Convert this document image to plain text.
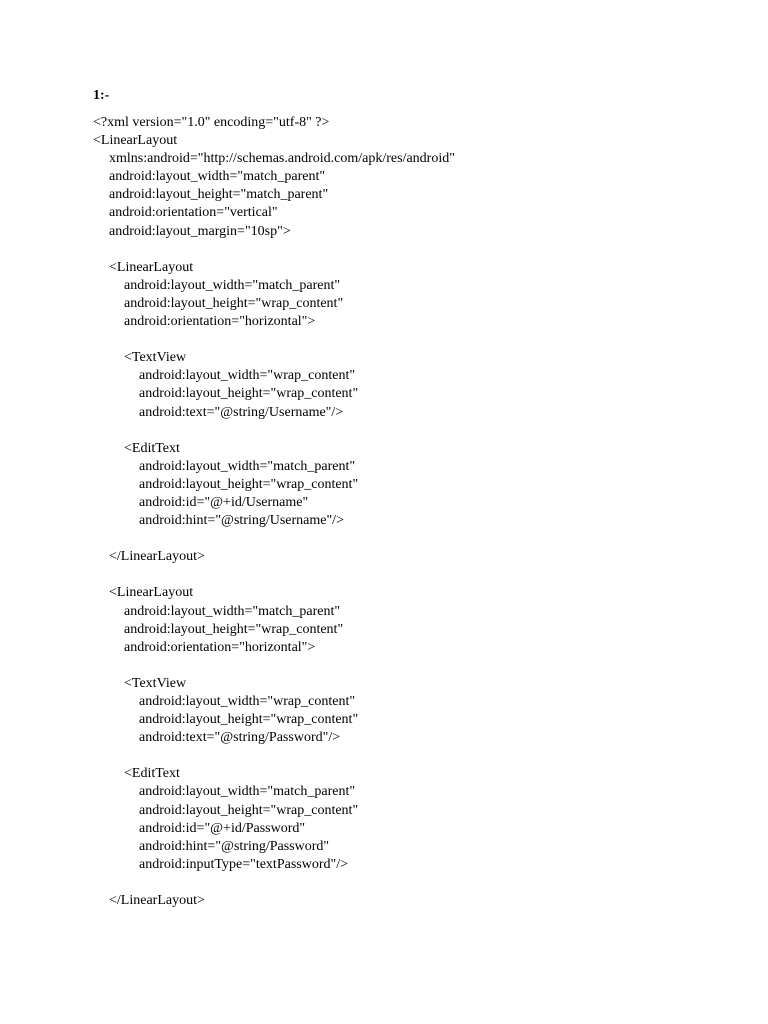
1:-
<?xml version="1.0" encoding="utf-8" ?>
<LinearLayout
xmlns:android="http://schemas.android.com/apk/res/android"
android:layout_width="match_parent"
android:layout_height="match_parent"
android:orientation="vertical"
android:layout_margin="10sp">
<LinearLayout
android:layout_width="match_parent"
android:layout_height="wrap_content"
android:orientation="horizontal">
<TextView
android:layout_width="wrap_content"
android:layout_height="wrap_content"
android:text="@string/Username"/>
<EditText
android:layout_width="match_parent"
android:layout_height="wrap_content"
android:id="@+id/Username"
android:hint="@string/Username"/>
</LinearLayout>
<LinearLayout
android:layout_width="match_parent"
android:layout_height="wrap_content"
android:orientation="horizontal">
<TextView
android:layout_width="wrap_content"
android:layout_height="wrap_content"
android:text="@string/Password"/>
<EditText
android:layout_width="match_parent"
android:layout_height="wrap_content"
android:id="@+id/Password"
android:hint="@string/Password"
android:inputType="textPassword"/>
</LinearLayout>
